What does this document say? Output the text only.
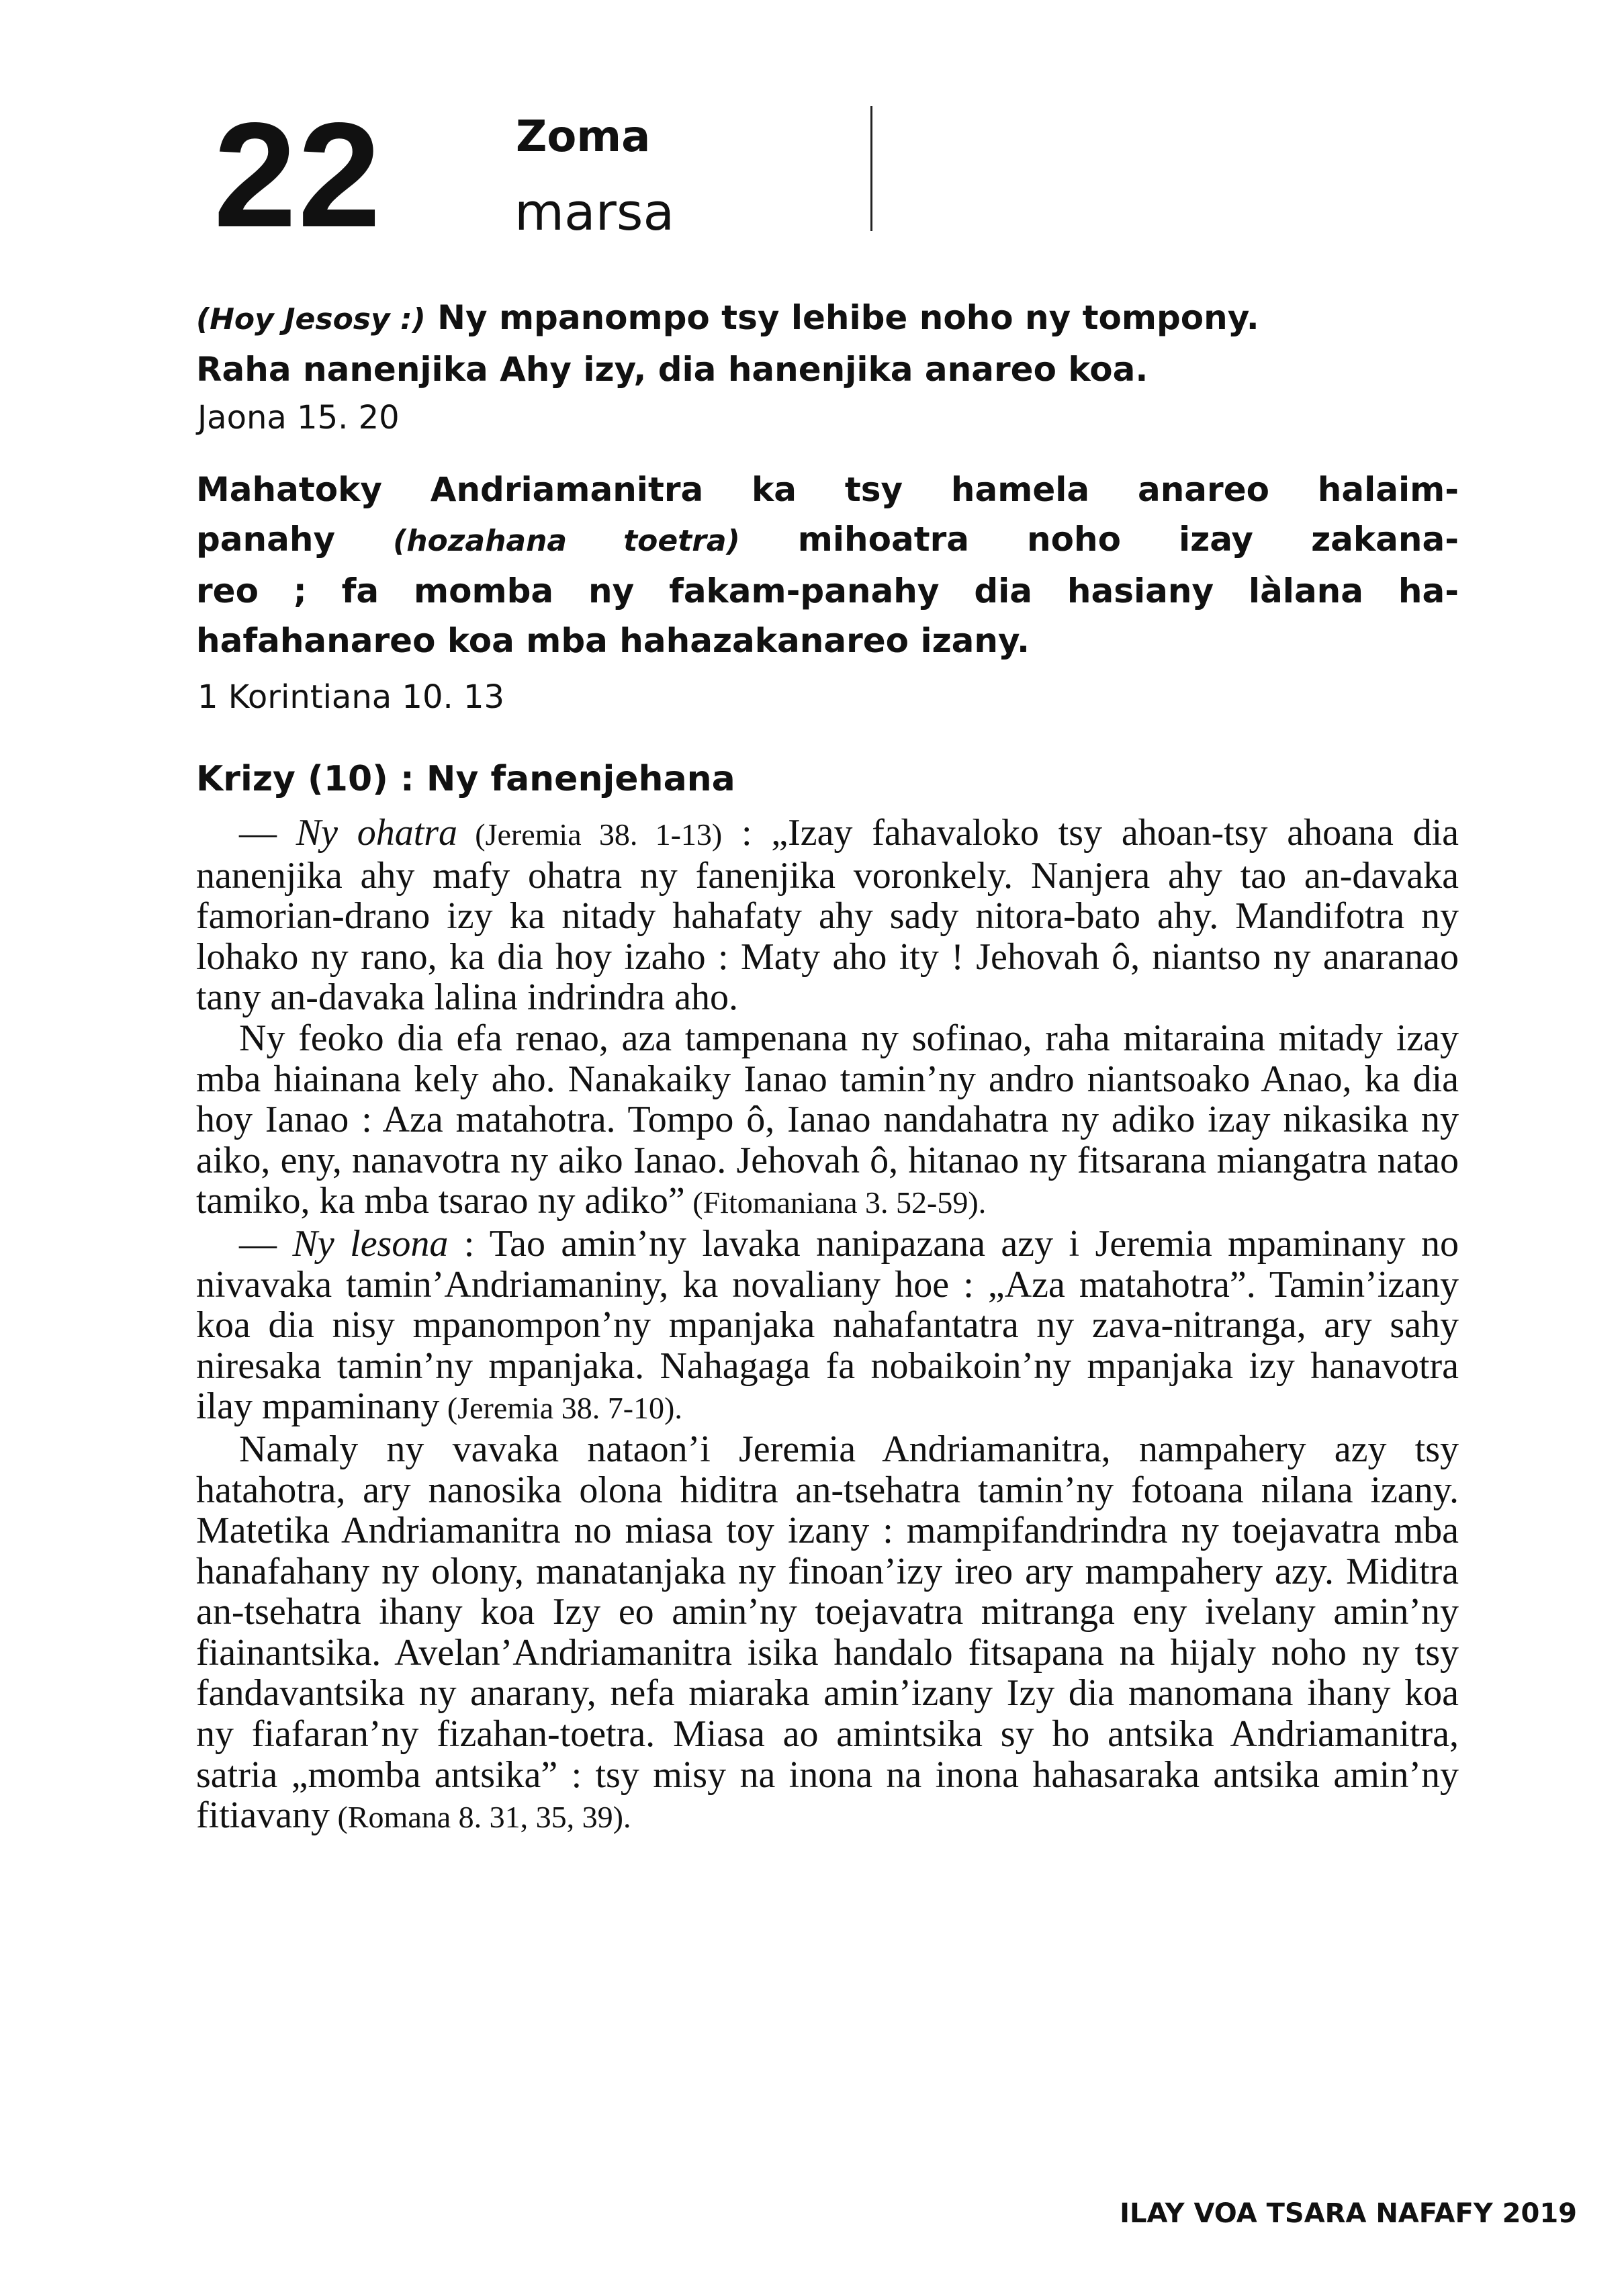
22	Zoma
marsa
(Hoy Jesosy :) Ny mpanompo tsy lehibe noho ny tompony.
Raha nanenjika Ahy izy, dia hanenjika anareo koa.
Jaona 15. 20
Mahatoky Andriamanitra ka tsy hamela anareo halaim-
panahy (hozahana toetra) mihoatra noho izay zakana-
reo ; fa momba ny fakam-panahy dia hasiany làlana ha-
hafahanareo koa mba hahazakanareo izany.
1 Korintiana 10. 13
Krizy (10) : Ny fanenjehana

— Ny ohatra (Jeremia 38. 1-13) : „Izay fahavaloko tsy ahoan-tsy ahoana dia nanenjika ahy mafy ohatra ny fanenjika voronkely. Nanjera ahy tao an-davaka famorian-drano izy ka nitady hahafaty ahy sady nitora-bato ahy. Mandifotra ny lohako ny rano, ka dia hoy izaho : Maty aho ity ! Jehovah ô, niantso ny anaranao tany an-davaka lalina indrindra aho.

Ny feoko dia efa renao, aza tampenana ny sofinao, raha mitaraina mitady izay mba hiainana kely aho. Nanakaiky Ianao tamin’ny andro niantsoako Anao, ka dia hoy Ianao : Aza matahotra. Tompo ô, Ianao nandahatra ny adiko izay nikasika ny aiko, eny, nanavotra ny aiko Ianao. Jehovah ô, hitanao ny fitsarana miangatra natao tamiko, ka mba tsarao ny adiko” (Fitomaniana 3. 52-59).

— Ny lesona : Tao amin’ny lavaka nanipazana azy i Jeremia mpaminany no nivavaka tamin’Andriamaniny, ka novaliany hoe : „Aza matahotra”. Tamin’izany koa dia nisy mpanompon’ny mpanjaka nahafantatra ny zava-nitranga, ary sahy niresaka tamin’ny mpanjaka. Nahagaga fa nobaikoin’ny mpanjaka izy hanavotra ilay mpaminany (Jeremia 38. 7-10).

Namaly ny vavaka nataon’i Jeremia Andriamanitra, nampahery azy tsy hatahotra, ary nanosika olona hiditra an-tsehatra tamin’ny fotoana nilana izany. Matetika Andriamanitra no miasa toy izany : mampifandrindra ny toejavatra mba hanafahany ny olony, manatanjaka ny finoan’izy ireo ary mampahery azy. Miditra an-tsehatra ihany koa Izy eo amin’ny toejavatra mitranga eny ivelany amin’ny fiainantsika. Avelan’Andriamanitra isika handalo fitsapana na hijaly noho ny tsy fandavantsika ny anarany, nefa miaraka amin’izany Izy dia manomana ihany koa ny fiafaran’ny fizahan-toetra. Miasa ao amintsika sy ho antsika Andriamanitra, satria „momba antsika” : tsy misy na inona na inona hahasaraka antsika amin’ny fitiavany (Romana 8. 31, 35, 39).

ILAY VOA TSARA NAFAFY 2019
